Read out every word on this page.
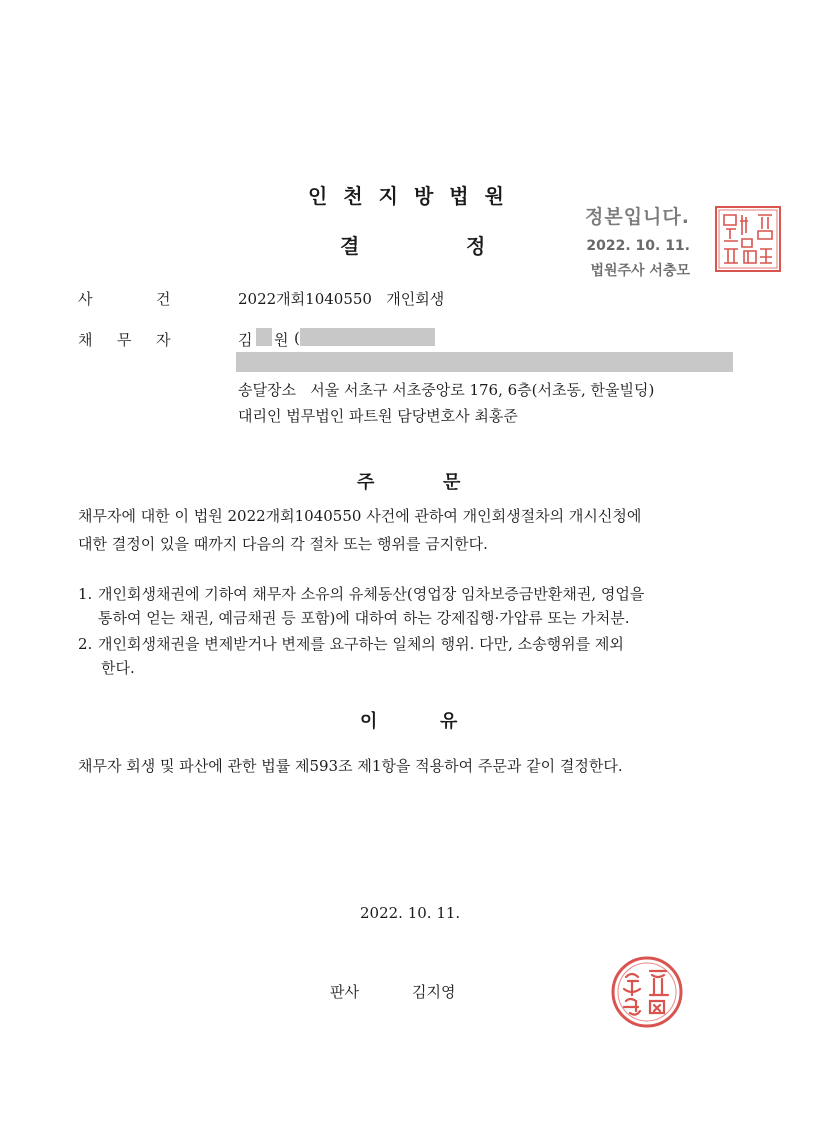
인천지방법원
결	정
정본입니다.
2022. 10. 11.
법원주사 서충모
사	건	2022개회1040550   개인회생
채 무 자	김 원 (
송달장소   서울 서초구 서초중앙로 176, 6층(서초동, 한울빌딩)
대리인 법무법인 파트원 담당변호사 최홍준
주	문
채무자에 대한 이 법원 2022개회1040550 사건에 관하여 개인회생절차의 개시신청에
대한 결정이 있을 때까지 다음의 각 절차 또는 행위를 금지한다.
1. 개인회생채권에 기하여 채무자 소유의 유체동산(영업장 임차보증금반환채권, 영업을
통하여 얻는 채권, 예금채권 등 포함)에 대하여 하는 강제집행·가압류 또는 가처분.
2. 개인회생채권을 변제받거나 변제를 요구하는 일체의 행위. 다만, 소송행위를 제외
한다.
이	유
채무자 회생 및 파산에 관한 법률 제593조 제1항을 적용하여 주문과 같이 결정한다.
2022. 10. 11.
판사	김지영
